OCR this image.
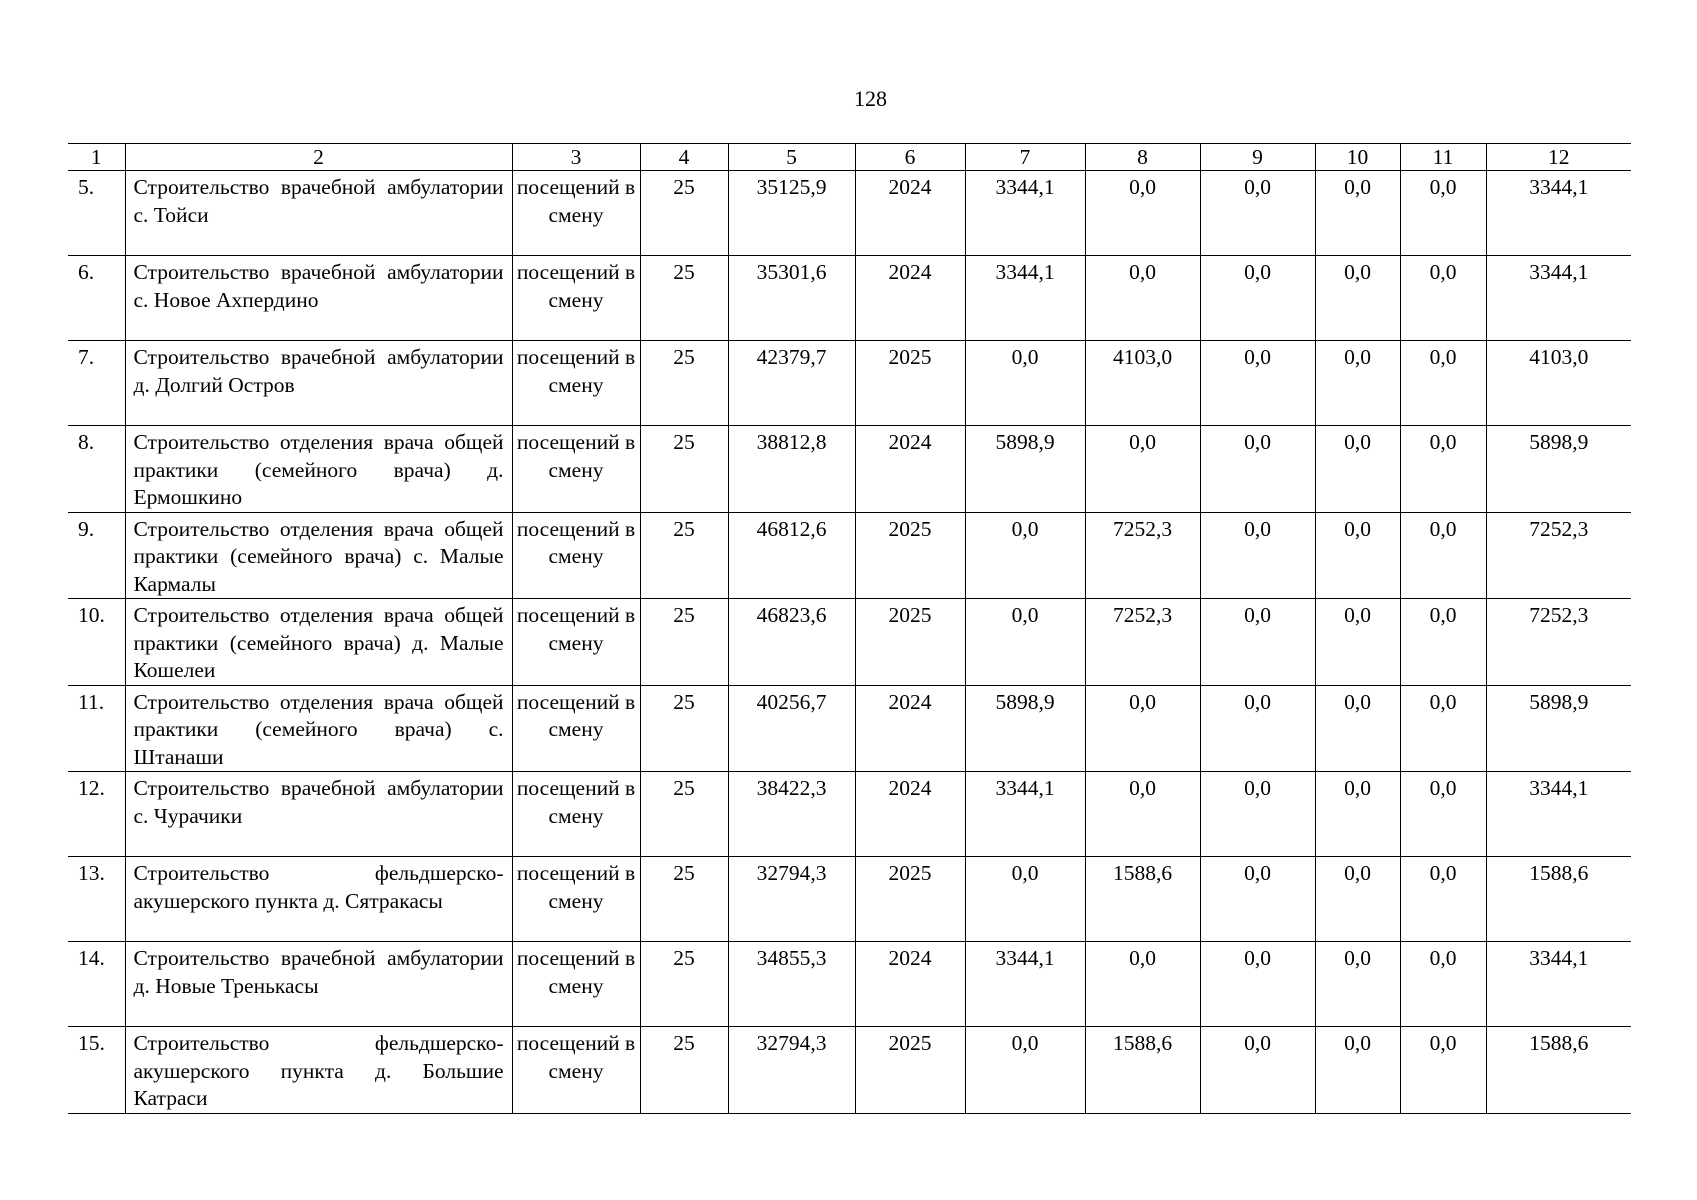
128
1	2	3	4	5	6	7	8	9	10	11	12
5.	Строительство врачебной амбулатории с. Тойси	посещений в смену	25	35125,9	2024	3344,1	0,0	0,0	0,0	0,0	3344,1
6.	Строительство врачебной амбулатории с. Новое Ахпердино	посещений в смену	25	35301,6	2024	3344,1	0,0	0,0	0,0	0,0	3344,1
7.	Строительство врачебной амбулатории д. Долгий Остров	посещений в смену	25	42379,7	2025	0,0	4103,0	0,0	0,0	0,0	4103,0
8.	Строительство отделения врача общей практики (семейного врача) д. Ермошкино	посещений в смену	25	38812,8	2024	5898,9	0,0	0,0	0,0	0,0	5898,9
9.	Строительство отделения врача общей практики (семейного врача) с. Малые Кармалы	посещений в смену	25	46812,6	2025	0,0	7252,3	0,0	0,0	0,0	7252,3
10.	Строительство отделения врача общей практики (семейного врача) д. Малые Кошелеи	посещений в смену	25	46823,6	2025	0,0	7252,3	0,0	0,0	0,0	7252,3
11.	Строительство отделения врача общей практики (семейного врача) с. Штанаши	посещений в смену	25	40256,7	2024	5898,9	0,0	0,0	0,0	0,0	5898,9
12.	Строительство врачебной амбулатории с. Чурачики	посещений в смену	25	38422,3	2024	3344,1	0,0	0,0	0,0	0,0	3344,1
13.	Строительство фельдшерско-акушерского пункта д. Сятракасы	посещений в смену	25	32794,3	2025	0,0	1588,6	0,0	0,0	0,0	1588,6
14.	Строительство врачебной амбулатории д. Новые Тренькасы	посещений в смену	25	34855,3	2024	3344,1	0,0	0,0	0,0	0,0	3344,1
15.	Строительство фельдшерско-акушерского пункта д. Большие Катраси	посещений в смену	25	32794,3	2025	0,0	1588,6	0,0	0,0	0,0	1588,6
